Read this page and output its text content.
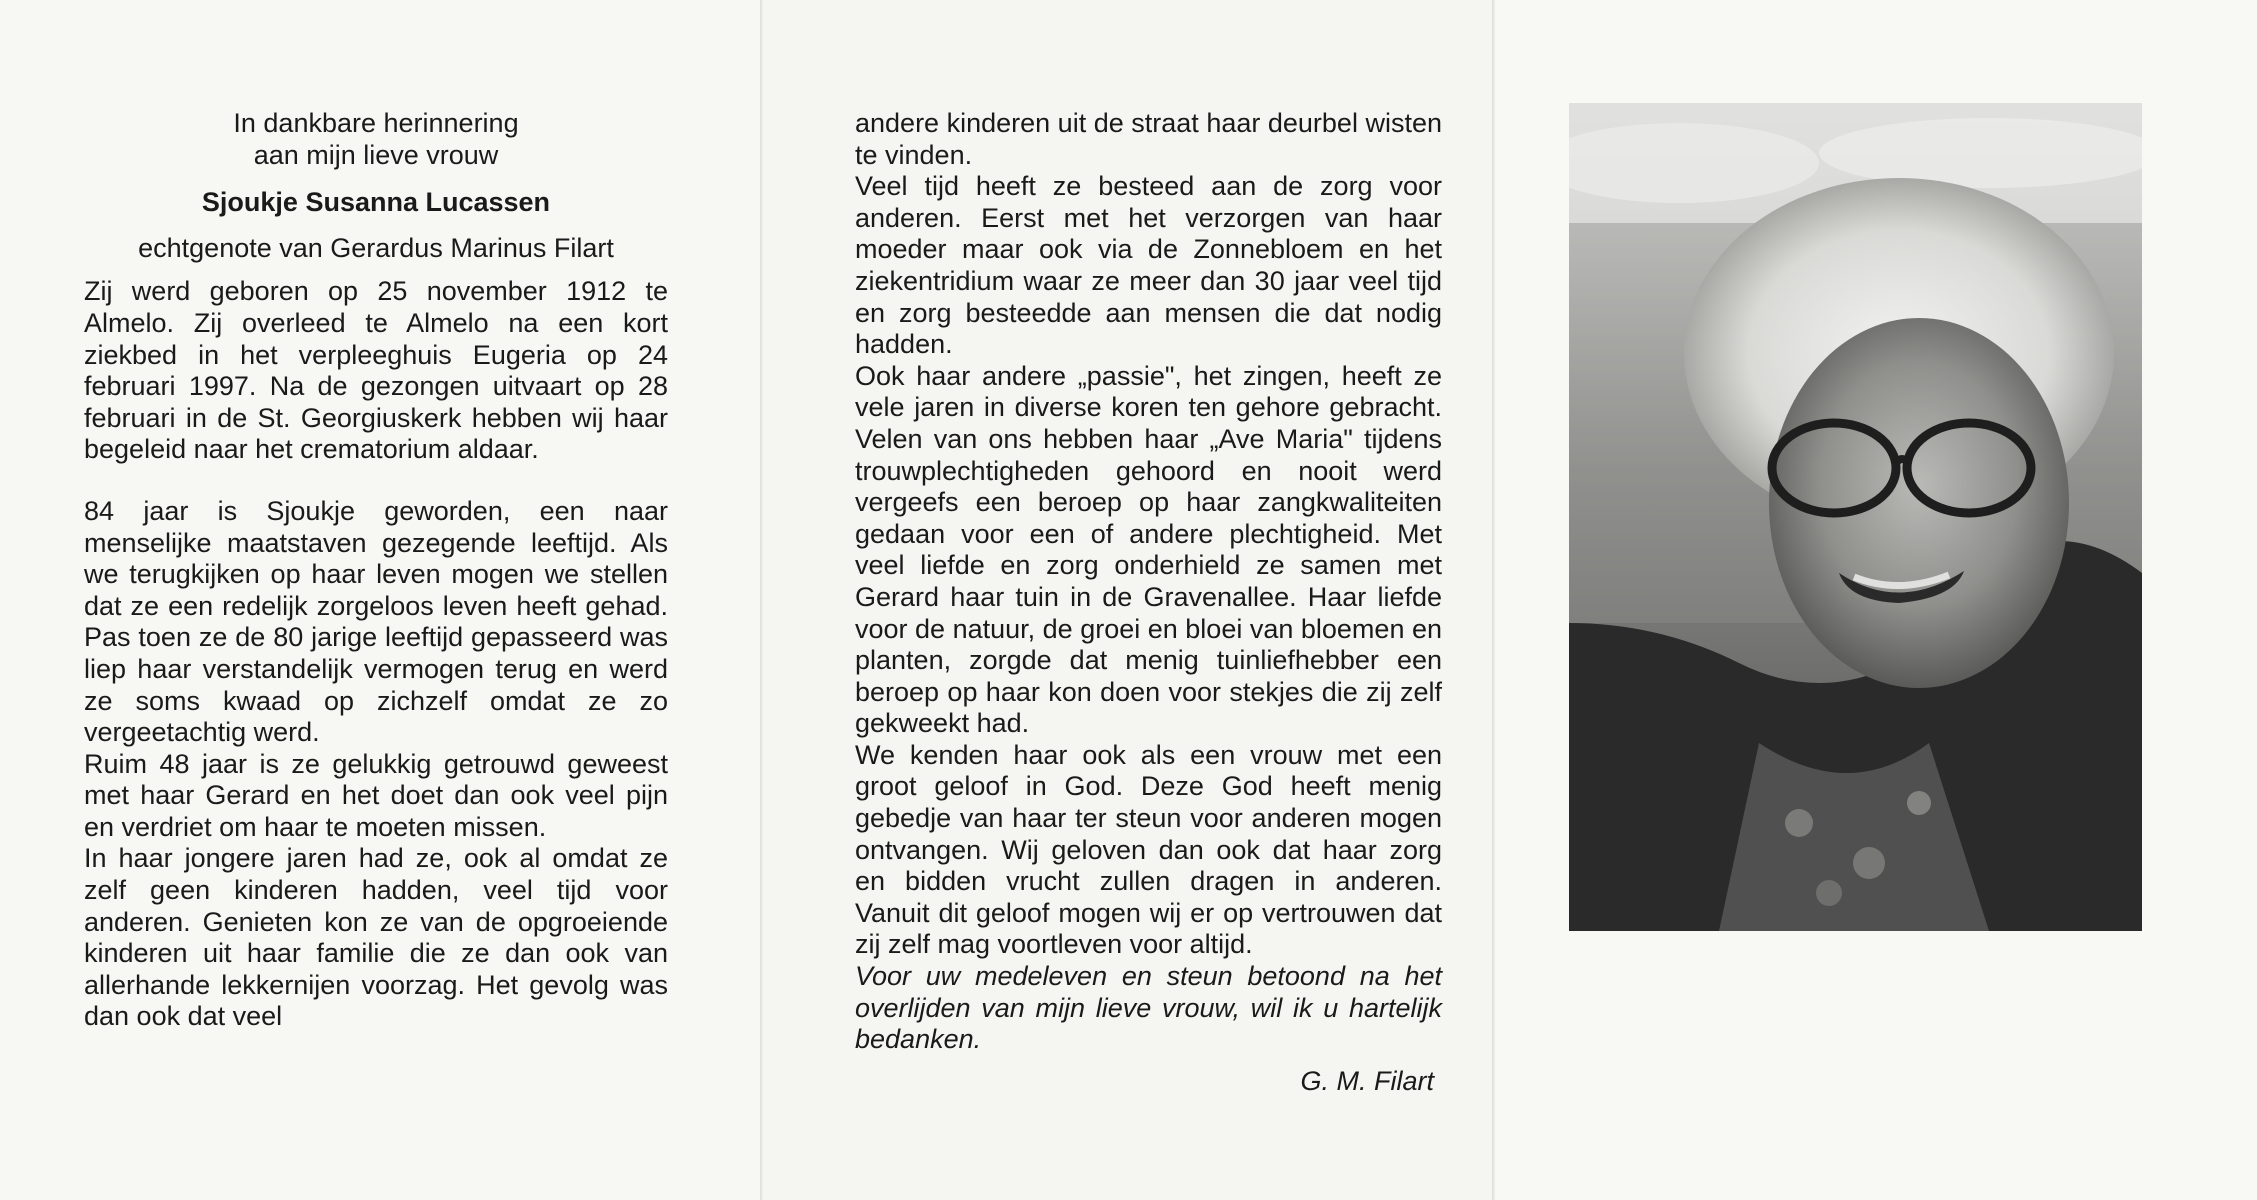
In dankbare herinnering

aan mijn lieve vrouw

Sjoukje Susanna Lucassen

echtgenote van Gerardus Marinus Filart

Zij werd geboren op 25 november 1912 te Almelo. Zij overleed te Almelo na een kort ziekbed in het verpleeghuis Eugeria op 24 februari 1997. Na de gezongen uitvaart op 28 februari in de St. Georgiuskerk hebben wij haar begeleid naar het crematorium aldaar.

84 jaar is Sjoukje geworden, een naar menselijke maatstaven gezegende leeftijd. Als we terugkijken op haar leven mogen we stellen dat ze een redelijk zorgeloos leven heeft gehad. Pas toen ze de 80 jarige leeftijd gepasseerd was liep haar verstandelijk vermogen terug en werd ze soms kwaad op zichzelf omdat ze zo vergeetachtig werd.

Ruim 48 jaar is ze gelukkig getrouwd geweest met haar Gerard en het doet dan ook veel pijn en verdriet om haar te moeten missen.

In haar jongere jaren had ze, ook al omdat ze zelf geen kinderen hadden, veel tijd voor anderen. Genieten kon ze van de opgroeiende kinderen uit haar familie die ze dan ook van allerhande lekkernijen voorzag. Het gevolg was dan ook dat veel

andere kinderen uit de straat haar deurbel wisten te vinden.

Veel tijd heeft ze besteed aan de zorg voor anderen. Eerst met het verzorgen van haar moeder maar ook via de Zonnebloem en het ziekentridium waar ze meer dan 30 jaar veel tijd en zorg besteedde aan mensen die dat nodig hadden.

Ook haar andere „passie", het zingen, heeft ze vele jaren in diverse koren ten gehore gebracht. Velen van ons hebben haar „Ave Maria" tijdens trouwplechtigheden gehoord en nooit werd vergeefs een beroep op haar zangkwaliteiten gedaan voor een of andere plechtigheid. Met veel liefde en zorg onderhield ze samen met Gerard haar tuin in de Gravenallee. Haar liefde voor de natuur, de groei en bloei van bloemen en planten, zorgde dat menig tuinliefhebber een beroep op haar kon doen voor stekjes die zij zelf gekweekt had.

We kenden haar ook als een vrouw met een groot geloof in God. Deze God heeft menig gebedje van haar ter steun voor anderen mogen ontvangen. Wij geloven dan ook dat haar zorg en bidden vrucht zullen dragen in anderen. Vanuit dit geloof mogen wij er op vertrouwen dat zij zelf mag voortleven voor altijd.

Voor uw medeleven en steun betoond na het overlijden van mijn lieve vrouw, wil ik u hartelijk bedanken.

G. M. Filart
